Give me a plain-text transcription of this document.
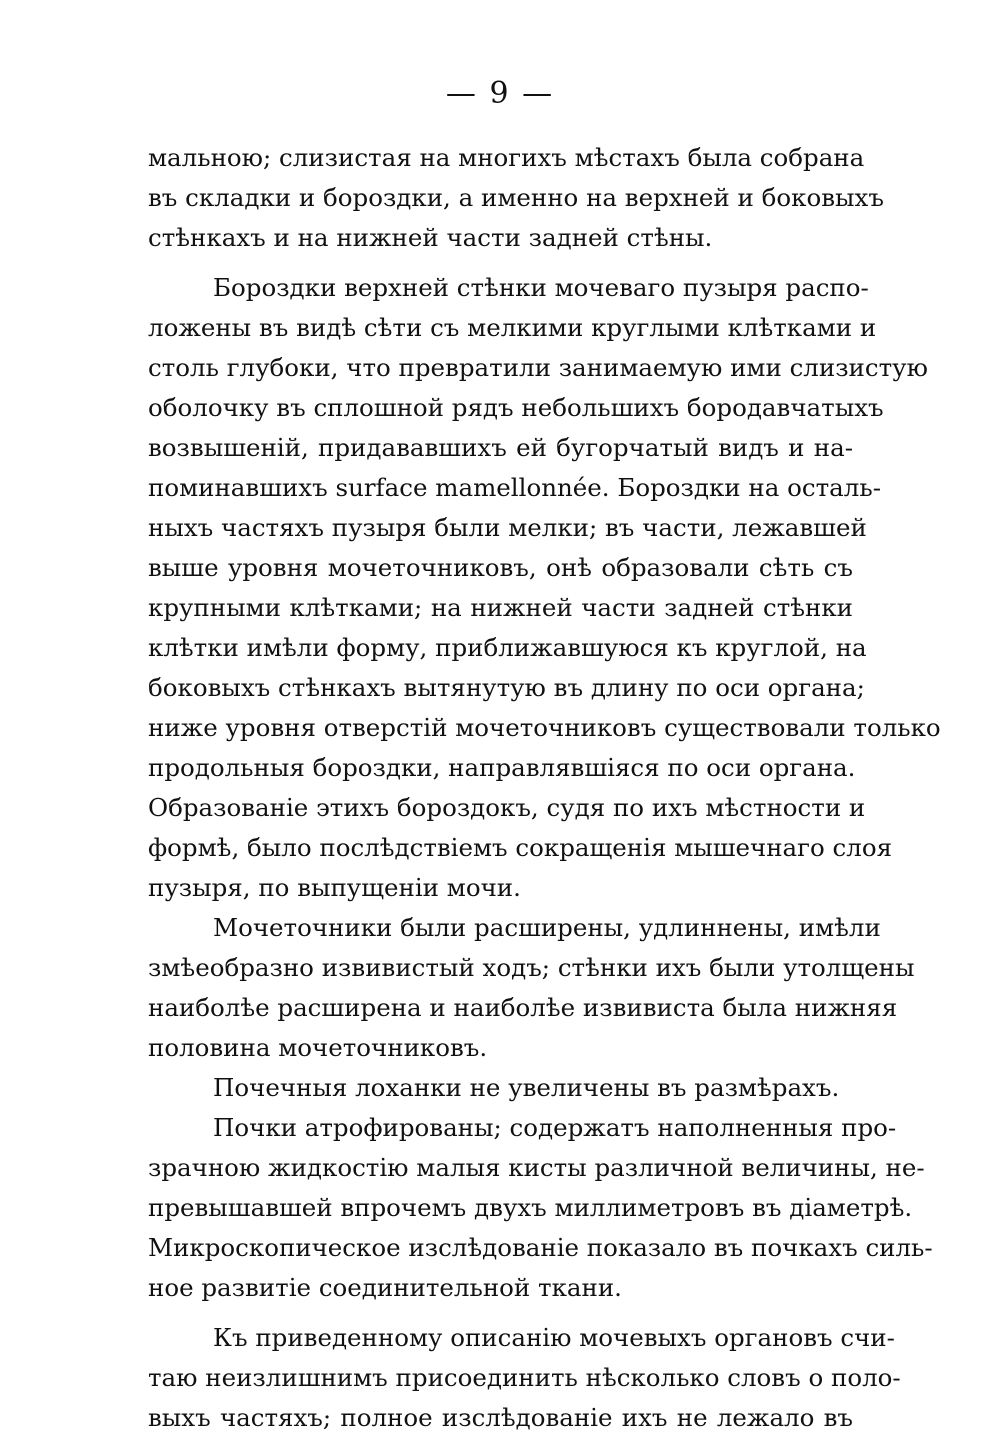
— 9 —
мальною; слизистая на многихъ мѣстахъ была собрана
въ складки и бороздки, а именно на верхней и боковыхъ
стѣнкахъ и на нижней части задней стѣны.
Бороздки верхней стѣнки мочеваго пузыря распо-
ложены въ видѣ сѣти съ мелкими круглыми клѣтками и
столь глубоки, что превратили занимаемую ими слизистую
оболочку въ сплошной рядъ небольшихъ бородавчатыхъ
возвышеній, придававшихъ ей бугорчатый видъ и на-
поминавшихъ surface mamellonnée. Бороздки на осталь-
ныхъ частяхъ пузыря были мелки; въ части, лежавшей
выше уровня мочеточниковъ, онѣ образовали сѣть съ
крупными клѣтками; на нижней части задней стѣнки
клѣтки имѣли форму, приближавшуюся къ круглой, на
боковыхъ стѣнкахъ вытянутую въ длину по оси органа;
ниже уровня отверстій мочеточниковъ существовали только
продольныя бороздки, направлявшіяся по оси органа.
Образованіе этихъ бороздокъ, судя по ихъ мѣстности и
формѣ, было послѣдствіемъ сокращенія мышечнаго слоя
пузыря, по выпущеніи мочи.
Мочеточники были расширены, удлиннены, имѣли
змѣеобразно извивистый ходъ; стѣнки ихъ были утолщены
наиболѣе расширена и наиболѣе извивиста была нижняя
половина мочеточниковъ.
Почечныя лоханки не увеличены въ размѣрахъ.
Почки атрофированы; содержатъ наполненныя про-
зрачною жидкостію малыя кисты различной величины, не-
превышавшей впрочемъ двухъ миллиметровъ въ діаметрѣ.
Микроскопическое изслѣдованіе показало въ почкахъ силь-
ное развитіе соединительной ткани.
Къ приведенному описанію мочевыхъ органовъ счи-
таю неизлишнимъ присоединить нѣсколько словъ о поло-
выхъ частяхъ; полное изслѣдованіе ихъ не лежало въ
